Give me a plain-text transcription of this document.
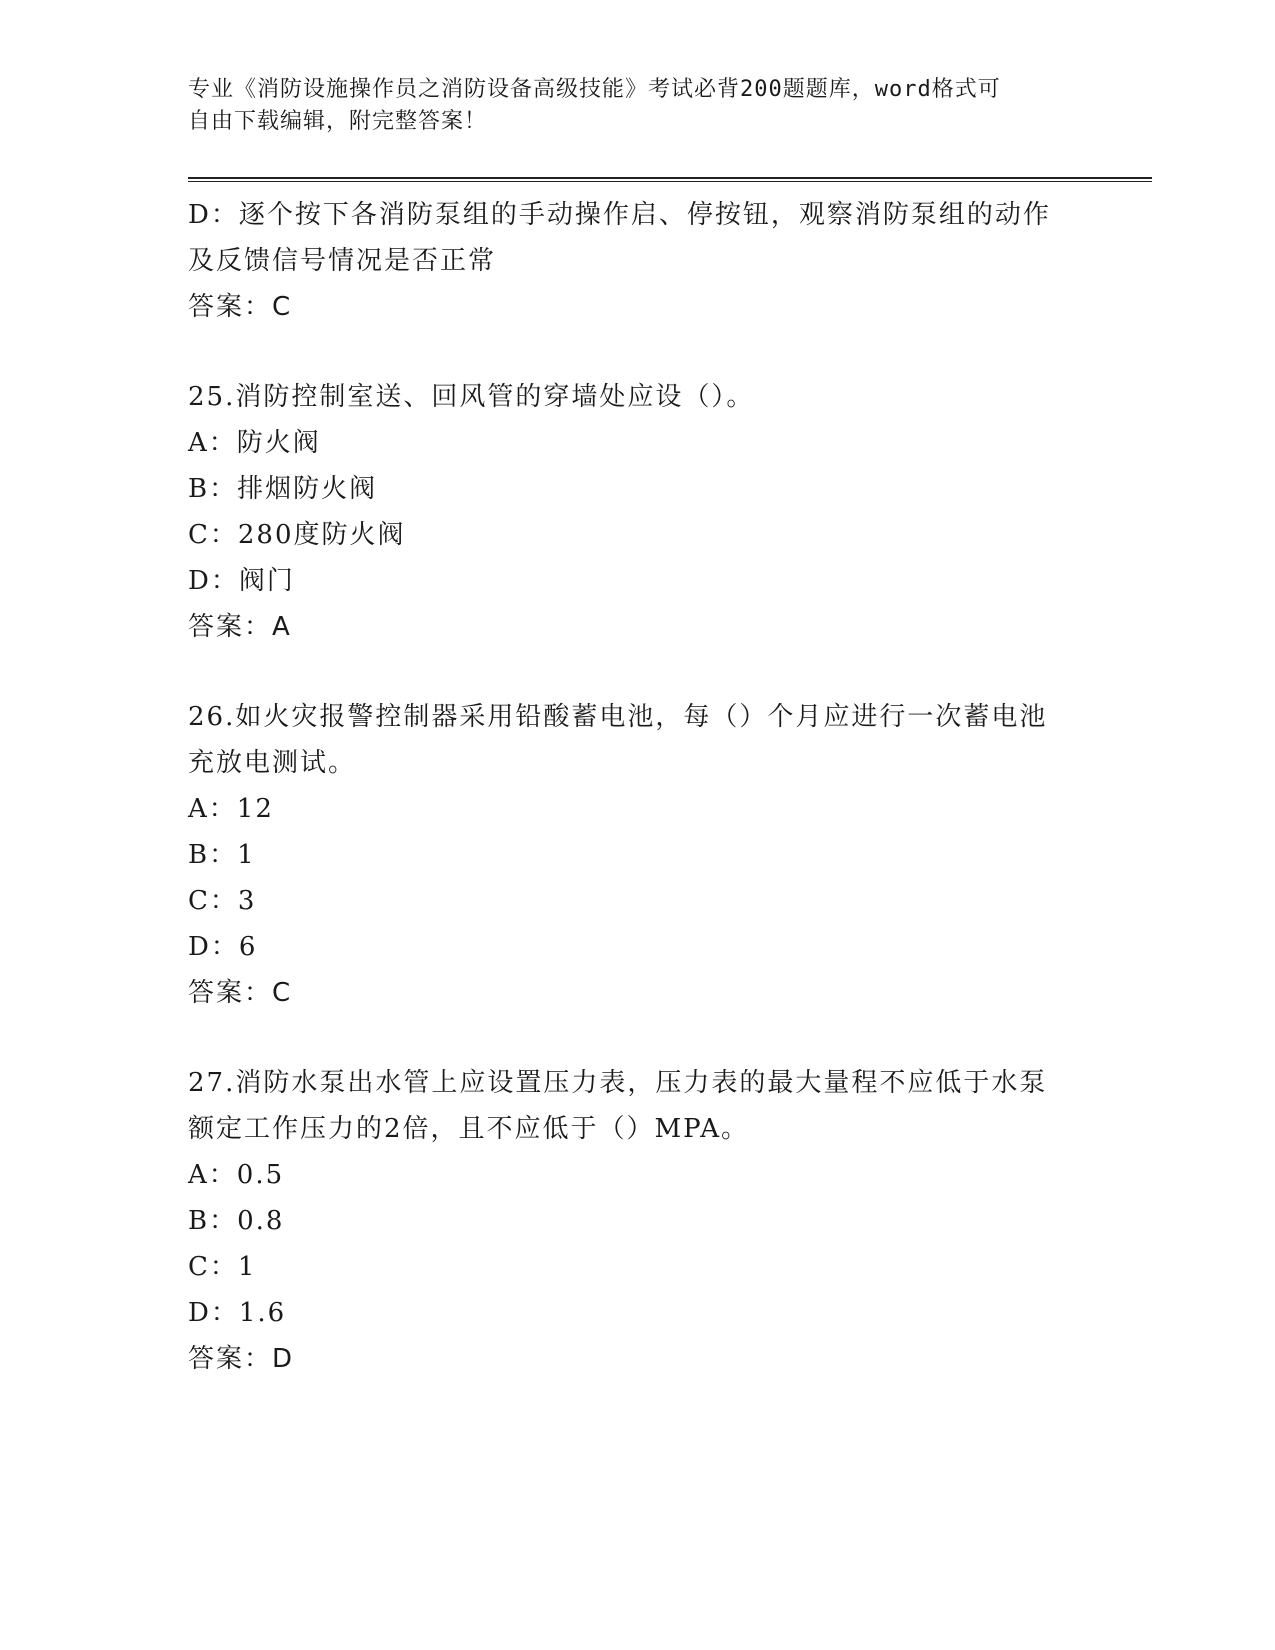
专业《消防设施操作员之消防设备高级技能》考试必背200题题库，word格式可
自由下载编辑，附完整答案！
D：逐个按下各消防泵组的手动操作启、停按钮，观察消防泵组的动作
及反馈信号情况是否正常
答案：C
25.消防控制室送、回风管的穿墙处应设（）。
A：防火阀
B：排烟防火阀
C：280度防火阀
D：阀门
答案：A
26.如火灾报警控制器采用铅酸蓄电池，每（）个月应进行一次蓄电池
充放电测试。
A：12
B：1
C：3
D：6
答案：C
27.消防水泵出水管上应设置压力表，压力表的最大量程不应低于水泵
额定工作压力的2倍，且不应低于（）MPA。
A：0.5
B：0.8
C：1
D：1.6
答案：D
